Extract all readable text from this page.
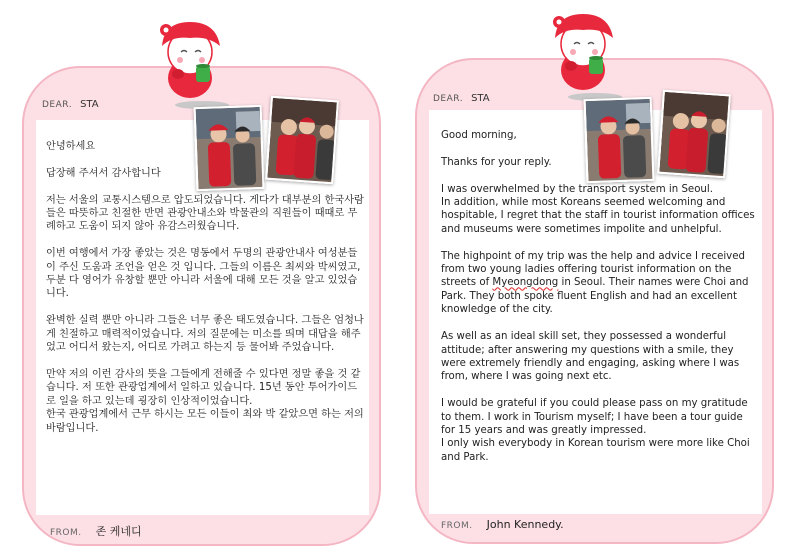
DEAR. STA
안녕하세요

답장해 주셔서 감사합니다

저는 서울의 교통시스템으로 압도되었습니다. 게다가 대부분의 한국사람들은 따뜻하고 친절한 반면 관광안내소와 박물관의 직원들이 때때로 무례하고 도움이 되지 않아 유감스러웠습니다.

이번 여행에서 가장 좋았는 것은 명동에서 두명의 관광안내사 여성분들이 주신 도움과 조언을 얻은 것 입니다. 그들의 이름은 최씨와 박씨였고, 두분 다 영어가 유창할 뿐만 아니라 서울에 대해 모든 것을 알고 있었습니다.

완벽한 실력 뿐만 아니라 그들은 너무 좋은 태도였습니다. 그들은 엄청나게 친절하고 매력적이었습니다. 저의 질문에는 미소를 띄며 대답을 해주었고 어디서 왔는지, 어디로 가려고 하는지 등 물어봐 주었습니다.

만약 저의 이런 감사의 뜻을 그들에게 전해줄 수 있다면 정말 좋을 것 같습니다. 저 또한 관광업계에서 일하고 있습니다. 15년 동안 투어가이드로 일을 하고 있는데 굉장히 인상적이었습니다.
한국 관광업계에서 근무 하시는 모든 이들이 최와 박 같았으면 하는 저의 바람입니다.
FROM. 존 케네디
DEAR. STA
Good morning,

Thanks for your reply.

I was overwhelmed by the transport system in Seoul.
In addition, while most Koreans seemed welcoming and hospitable, I regret that the staff in tourist information offices and museums were sometimes impolite and unhelpful.

The highpoint of my trip was the help and advice I received from two young ladies offering tourist information on the streets of Myeongdong in Seoul. Their names were Choi and Park. They both spoke fluent English and had an excellent knowledge of the city.

As well as an ideal skill set, they possessed a wonderful attitude; after answering my questions with a smile, they were extremely friendly and engaging, asking where I was from, where I was going next etc.

I would be grateful if you could please pass on my gratitude to them. I work in Tourism myself; I have been a tour guide for 15 years and was greatly impressed.
I only wish everybody in Korean tourism were more like Choi and Park.
FROM. John Kennedy.
